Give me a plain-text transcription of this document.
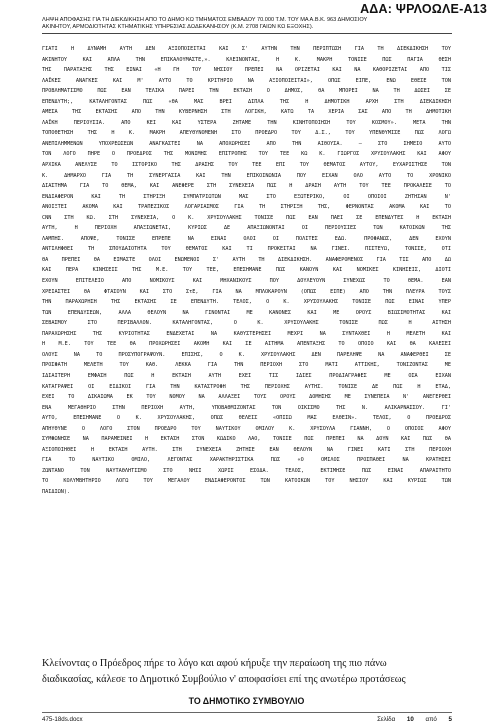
ΑΔΑ: ΨΡΛΟΩΛΕ-Α13
ΛΗΨΗ ΑΠΟΦΑΣΗΣ ΓΙΑ ΤΗ ΔΙΕΚΔΙΚΗΣΗ ΑΠΟ ΤΟ ΔΗΜΟ ΚΩ ΤΜΗΜΑΤΟΣ ΕΜΒΑΔΟΥ 70.000 Τ.Μ. ΤΟΥ ΜΑ Α.Β.Κ. 963 ΔΗΜΟΣΙΟΥ
ΑΚΙΝΗΤΟΥ, ΑΡΜΟΔΙΟΤΗΤΑΣ ΚΤΗΜΑΤΙΚΗΣ ΥΠΗΡΕΣΙΑΣ ΔΩΔΕΚΑΝΗΣΟΥ (Κ.Μ. 2708 ΓΑΙΩΝ ΚΩ ΕΞΟΧΗΣ).
ΓΙΑΤΙ Η ΔΥΝΑΜΗ ΑΥΤΗ ΔΕΝ ΑΞΙΟΠΟΙΕΙΤΑΙ ΚΑΙ Σ' ΑΥΤΗΝ ΤΗΝ ΠΕΡΙΠΤΩΣΗ ΓΙΑ ΤΗ ΔΙΕΚΔΙΚΗΣΗ ΤΟΥ
ΑΚΙΝΗΤΟΥ ΚΑΙ ΑΠΛΑ ΤΗΝ ΕΠΙΚΑΛΟΥΜΑΣΤΕ,». ΚΛΕΙΝΟΝΤΑΣ, Η Κ. ΜΑΚΡΗ ΤΟΝΙΣΕ ΠΩΣ ΠΑΓΙΑ ΘΕΣΗ
ΤΗΣ ΠΑΡΑΤΑΞΗΣ ΤΗΣ ΕΙΝΑΙ «Η ΓΗ ΤΟΥ ΝΗΣΙΟΥ ΠΡΕΠΕΙ ΝΑ ΟΡΙΖΕΤΑΙ ΚΑΙ ΝΑ ΚΑΘΟΡΙΖΕΤΑΙ ΑΠΟ ΤΙΣ
ΛΑΪΚΕΣ ΑΝΑΓΚΕΣ ΚΑΙ Μ' ΑΥΤΟ ΤΟ ΚΡΙΤΗΡΙΟ ΝΑ ΑΞΙΟΠΟΙΕΙΤΑΙ», ΟΠΩΣ ΕΙΠΕ, ΕΝΩ ΕΘΕΣΕ ΤΟΝ
ΠΡΟΒΛΗΜΑΤΙΣΜΟ ΠΩΣ ΕΑΝ ΤΕΛΙΚΑ ΠΑΡΕΙ ΤΗΝ ΕΚΤΑΣΗ Ο ΔΗΜΟΣ, ΘΑ ΜΠΟΡΕΙ ΝΑ ΤΗ ΔΩΣΕΙ ΣΕ
ΕΠΕΝΔΥΤΗ;, ΚΑΤΑΛΗΓΟΝΤΑΣ ΠΩΣ «ΘΑ ΜΑΣ ΒΡΕΙ ΔΙΠΛΑ ΤΗΣ Η ΔΗΜΟΤΙΚΗ ΑΡΧΗ ΣΤΗ ΔΙΕΚΔΙΚΗΣΗ
ΑΜΕΣΑ ΤΗΣ ΕΚΤΑΣΗΣ ΑΠΟ ΤΗΝ ΚΥΒΕΡΝΗΣΗ ΣΤΗ ΛΟΓΙΚΗ, ΚΑΤΩ ΤΑ ΧΕΡΙΑ ΣΑΣ ΑΠΟ ΤΗ ΔΗΜΟΤΙΚΗ
ΛΑΪΚΗ ΠΕΡΙΟΥΣΙΑ. ΑΠΟ ΚΕΙ ΚΑΙ ΥΣΤΕΡΑ ΖΗΤΑΜΕ ΤΗΝ ΚΙΝΗΤΟΠΟΙΗΣΗ ΤΟΥ ΚΟΣΜΟΥ». ΜΕΤΑ ΤΗΝ
ΤΟΠΟΘΕΤΗΣΗ ΤΗΣ Η Κ. ΜΑΚΡΗ ΑΠΕΥΘΥΝΟΜΕΝΗ ΣΤΟ ΠΡΟΕΔΡΟ ΤΟΥ Δ.Σ., ΤΟΥ ΥΠΕΝΘΥΜΙΣΕ ΠΩΣ ΛΟΓΩ
ΑΝΕΠΙΛΗΜΜΕΝΩΝ ΥΠΟΧΡΕΩΣΕΩΝ ΑΝΑΓΚΑΣΤΕΙ ΝΑ ΑΠΟΧΩΡΗΣΕΙ ΑΠΟ ΤΗΝ ΑΙΘΟΥΣΑ. – ΣΤΟ ΣΗΜΕΙΟ ΑΥΤΟ
ΤΟΝ ΛΟΓΟ ΠΗΡΕ Ο ΠΡΟΕΔΡΟΣ ΤΗΣ ΜΟΝΙΜΗΣ ΕΠΙΤΡΟΠΗΣ ΤΟΥ ΤΕΕ ΚΩ Κ. ΓΙΩΡΓΟΣ ΧΡΥΣΟΥΛΑΚΗΣ ΚΑΙ ΑΦΟΥ
ΑΡΧΙΚΑ ΑΝΕΛΥΣΕ ΤΟ ΙΣΤΟΡΙΚΟ ΤΗΣ ΔΡΑΣΗΣ ΤΟΥ ΤΕΕ ΕΠΙ ΤΟΥ ΘΕΜΑΤΟΣ ΑΥΤΟΥ, ΕΥΧΑΡΙΣΤΗΣΕ ΤΟΝ
Κ. ΔΗΜΑΡΧΟ ΓΙΑ ΤΗ ΣΥΝΕΡΓΑΣΙΑ ΚΑΙ ΤΗΝ ΕΠΙΚΟΙΝΩΝΙΑ ΠΟΥ ΕΙΧΑΝ ΟΛΟ ΑΥΤΟ ΤΟ ΧΡΟΝΙΚΟ
ΔΙΑΣΤΗΜΑ ΓΙΑ ΤΟ ΘΕΜΑ, ΚΑΙ ΑΝΕΦΕΡΕ ΣΤΗ ΣΥΝΕΧΕΙΑ ΠΩΣ Η ΔΡΑΣΗ ΑΥΤΗ ΤΟΥ ΤΕΕ ΠΡΟΚΑΛΕΣΕ ΤΟ
ΕΝΔΙΑΦΕΡΟΝ ΚΑΙ ΤΗ ΣΤΗΡΙΞΗ ΣΥΜΠΑΤΡΙΩΤΩΝ ΜΑΣ ΣΤΟ ΕΞΩΤΕΡΙΚΟ, ΟΙ ΟΠΟΙΟΙ ΖΗΤΗΣΑΝ Ν'
ΑΝΟΙΞΤΕΙ ΑΚΟΜΑ ΚΑΙ ΤΡΑΠΕΖΙΚΟΣ ΛΟΓΑΡΙΑΣΜΟΣ ΓΙΑ ΤΗ ΣΤΗΡΙΞΗ ΤΗΣ, ΦΕΡΝΟΝΤΑΣ ΑΚΟΜΑ ΚΑΙ ΤΟ
CNN ΣΤΗ ΚΩ. ΣΤΗ ΣΥΝΕΧΕΙΑ, Ο Κ. ΧΡΥΣΟΥΛΑΚΗΣ ΤΟΝΙΣΕ ΠΩΣ ΕΑΝ ΠΑΕΙ ΣΕ ΕΠΕΝΔΥΤΕΣ Η ΕΚΤΑΣΗ
ΑΥΤΗ, Η ΠΕΡΙΟΧΗ ΑΠΑΞΙΩΝΕΤΑΙ, ΚΥΡΙΩΣ ΔΕ ΑΠΑΞΙΩΝΟΝΤΑΙ ΟΙ ΠΕΡΙΟΥΣΙΕΣ ΤΩΝ ΚΑΤΟΙΚΩΝ ΤΗΣ
ΛΑΜΠΗΣ. ΑΠΟΨΕ, ΤΟΝΙΣΕ ΕΠΡΕΠΕ ΝΑ ΕΙΝΑΙ ΟΛΟΙ ΟΙ ΠΟΛΙΤΕΣ ΕΔΩ. ΠΡΟΦΑΝΩΣ, ΔΕΝ ΕΧΟΥΝ
ΑΝΤΙΛΗΦΘΕΙ ΤΗ ΣΠΟΥΔΑΙΟΤΗΤΑ ΤΟΥ ΘΕΜΑΤΟΣ ΚΑΙ ΤΙ ΠΡΟΚΕΙΤΑΙ ΝΑ ΓΙΝΕΙ. ΠΙΣΤΕΥΩ, ΤΟΝΙΣΕ, ΟΤΙ
ΘΑ ΠΡΕΠΕΙ ΘΑ ΕΙΜΑΣΤΕ ΟΛΟΙ ΕΝΩΜΕΝΟΙ Σ' ΑΥΤΗ ΤΗ ΔΙΕΚΔΙΚΗΣΗ. ΑΝΑΦΕΡΟΜΕΝΟΣ ΓΙΑ ΤΙΣ ΑΠΟ ΔΩ
ΚΑΙ ΠΕΡΑ ΚΙΝΗΣΕΙΣ ΤΗΣ Μ.Ε. ΤΟΥ ΤΕΕ, ΕΠΕΣΗΜΑΝΕ ΠΩΣ ΚΑΝΟΥΝ ΚΑΙ ΝΟΜΙΚΕΣ ΚΙΝΗΣΕΙΣ, ΔΙΟΤΙ
ΕΧΟΥΝ ΕΠΙΤΕΛΕΙΟ ΑΠΟ ΝΟΜΙΚΟΥΣ ΚΑΙ ΜΗΧΑΝΙΚΟΥΣ ΠΟΥ ΔΟΥΛΕΥΟΥΝ ΣΥΝΕΧΩΣ ΤΟ ΘΕΜΑ. ΕΑΝ
ΧΡΕΙΑΣΤΕΙ ΘΑ ΦΤΑΣΟΥΝ ΚΑΙ ΣΤΟ ΣτΕ, ΓΙΑ ΝΑ ΜΠΛΟΚΑΡΟΥΝ (ΟΠΩΣ ΕΙΠΕ) ΑΠΟ ΤΗΝ ΠΛΕΥΡΑ ΤΟΥΣ
ΤΗΝ ΠΑΡΑΧΩΡΗΣΗ ΤΗΣ ΕΚΤΑΣΗΣ ΣΕ ΕΠΕΝΔΥΤΗ. ΤΕΛΟΣ, Ο Κ. ΧΡΥΣΟΥΛΑΚΗΣ ΤΟΝΙΣΕ ΠΩΣ ΕΙΝΑΙ ΥΠΕΡ
ΤΩΝ ΕΠΕΝΔΥΣΕΩΝ, ΑΛΛΑ ΘΕΛΟΥΝ ΝΑ ΓΙΝΟΝΤΑΙ ΜΕ ΚΑΝΟΝΕΣ ΚΑΙ ΜΕ ΟΡΟΥΣ ΒΙΩΣΙΜΟΤΗΤΑΣ ΚΑΙ
ΣΕΒΑΣΜΟΥ ΣΤΟ ΠΕΡΙΒΑΛΛΟΝ. ΚΑΤΑΛΗΓΟΝΤΑΣ, Ο Κ. ΧΡΥΣΟΥΛΑΚΗΣ ΤΟΝΙΣΕ ΠΩΣ Η ΑΙΤΗΣΗ
ΠΑΡΑΧΩΡΗΣΗΣ ΤΗΣ ΚΥΡΙΟΤΗΤΑΣ ΕΝΔΕΧΕΤΑΙ ΝΑ ΚΑΘΥΣΤΕΡΗΣΕΙ ΜΕΧΡΙ ΝΑ ΣΥΝΤΑΧΘΕΙ Η ΜΕΛΕΤΗ ΚΑΙ
Η Μ.Ε. ΤΟΥ ΤΕΕ ΘΑ ΠΡΟΧΩΡΗΣΕΙ ΑΚΟΜΗ ΚΑΙ ΣΕ ΑΙΤΗΜΑ ΑΠΕΝΤΑΞΗΣ ΤΟ ΟΠΟΙΟ ΚΑΙ ΘΑ ΚΑΛΕΣΕΙ
ΟΛΟΥΣ ΝΑ ΤΟ ΠΡΟΣΥΠΟΓΡΑΨΟΥΝ. ΕΠΙΣΗΣ, Ο Κ. ΧΡΥΣΟΥΛΑΚΗΣ ΔΕΝ ΠΑΡΕΛΗΨΕ ΝΑ ΑΝΑΦΕΡΘΕΙ ΣΕ
ΠΡΟΣΦΑΤΗ ΜΕΛΕΤΗ ΤΟΥ ΚΑΘ. ΛΕΚΚΑ ΓΙΑ ΤΗΝ ΠΕΡΙΟΧΗ ΣΤΟ ΜΑΤΙ ΑΤΤΙΚΗΣ, ΤΟΝΙΖΟΝΤΑΣ ΜΕ
ΙΔΙΑΙΤΕΡΗ ΕΜΦΑΣΗ ΠΩΣ Η ΕΚΤΑΣΗ ΑΥΤΗ ΕΧΕΙ ΤΙΣ ΙΔΙΕΣ ΠΡΟΔΙΑΓΡΑΦΕΣ ΜΕ ΟΣΑ ΕΙΧΑΝ
ΚΑΤΑΓΡΑΨΕΙ ΟΙ ΕΙΔΙΚΟΙ ΓΙΑ ΤΗΝ ΚΑΤΑΣΤΡΟΦΗ ΤΗΣ ΠΕΡΙΟΧΗΣ ΑΥΤΗΣ. ΤΟΝΙΣΕ ΔΕ ΠΩΣ Η ΕΤΑΔ,
ΕΧΕΙ ΤΟ ΔΙΚΑΙΩΜΑ ΕΚ ΤΟΥ ΝΟΜΟΥ ΝΑ ΑΛΛΑΞΕΙ ΤΟΥΣ ΟΡΟΥΣ ΔΟΜΗΣΗΣ ΜΕ ΣΥΝΕΠΕΙΑ Ν' ΑΝΕΓΕΡΘΕΙ
ΕΝΑ ΜΕΓΑΘΗΡΙΟ ΣΤΗΝ ΠΕΡΙΟΧΗ ΑΥΤΗ, ΥΠΟΒΑΘΜΙΖΟΝΤΑΣ ΤΟΝ ΟΙΚΙΣΜΟ ΤΗΣ Ν. ΑΛΙΚΑΡΝΑΣΣΟΥ. ΓΙ'
ΑΥΤΟ, ΕΠΕΣΗΜΑΝΕ Ο Κ. ΧΡΥΣΟΥΛΑΚΗΣ, ΟΠΩΣ ΘΕΛΕΙΣ «ΟΠΙΣΩ ΜΑΣ ΕΛΘΕΙΝ». ΤΕΛΟΣ, Ο ΠΡΟΕΔΡΟΣ
ΑΠΗΥΘΥΝΕ Ο ΛΟΓΟ ΣΤΟΝ ΠΡΟΕΔΡΟ ΤΟΥ ΝΑΥΤΙΚΟΥ ΟΜΙΛΟΥ Κ. ΧΡΥΣΟΥΛΑ ΓΙΑΝΝΗ, Ο ΟΠΟΙΟΣ ΑΦΟΥ
ΣΥΜΦΩΝΗΣΕ ΝΑ ΠΑΡΑΜΕΙΝΕΙ Η ΕΚΤΑΣΗ ΣΤΟΝ ΚΩΔΙΚΟ ΛΑΟ, ΤΟΝΙΣΕ ΠΩΣ ΠΡΕΠΕΙ ΝΑ ΔΟΥΝ ΚΑΙ ΠΩΣ ΘΑ
ΑΞΙΟΠΟΙΗΘΕΙ Η ΕΚΤΑΣΗ ΑΥΤΗ. ΣΤΗ ΣΥΝΕΧΕΙΑ ΖΗΤΗΣΕ ΕΑΝ ΘΕΛΟΥΝ ΝΑ ΓΙΝΕΙ ΚΑΤΙ ΣΤΗ ΠΕΡΙΟΧΗ
ΓΙΑ ΤΟ ΝΑΥΤΙΚΟ ΟΜΙΛΟ, ΛΕΓΟΝΤΑΣ ΧΑΡΑΚΤΗΡΙΣΤΙΚΑ ΠΩΣ «Ο ΟΜΙΛΟΣ ΠΡΟΣΠΑΘΕΙ ΝΑ ΚΡΑΤΗΣΕΙ
ΖΩΝΤΑΝΟ ΤΟΝ ΝΑΥΤΑΘΛΗΤΙΣΜΟ ΣΤΟ ΝΗΣΙ ΧΩΡΙΣ ΕΣΟΔΑ. ΤΕΛΟΣ, ΕΚΤΙΜΗΣΕ ΠΩΣ ΕΙΝΑΙ ΑΠΑΡΑΙΤΗΤΟ
ΤΟ ΚΟΛΥΜΒΗΤΗΡΙΟ ΛΟΓΩ ΤΟΥ ΜΕΓΑΛΟΥ ΕΝΔΙΑΦΕΡΟΝΤΟΣ ΤΩΝ ΚΑΤΟΙΚΩΝ ΤΟΥ ΝΗΣΙΟΥ ΚΑΙ ΚΥΡΙΩΣ ΤΩΝ
ΠΑΙΔΙΩΝ).
Κλείνοντας ο Πρόεδρος πήρε το λόγο και αφού κήρυξε την περαίωση της πιο πάνω
διαδικασίας, κάλεσε το Δημοτικό Συμβούλιο ν' αποφασίσει επί της ανωτέρω προτάσεως
ΤΟ ΔΗΜΟΤΙΚΟ ΣΥΜΒΟΥΛΙΟ
475-18ds.docx	Σελίδα 10 από 5
